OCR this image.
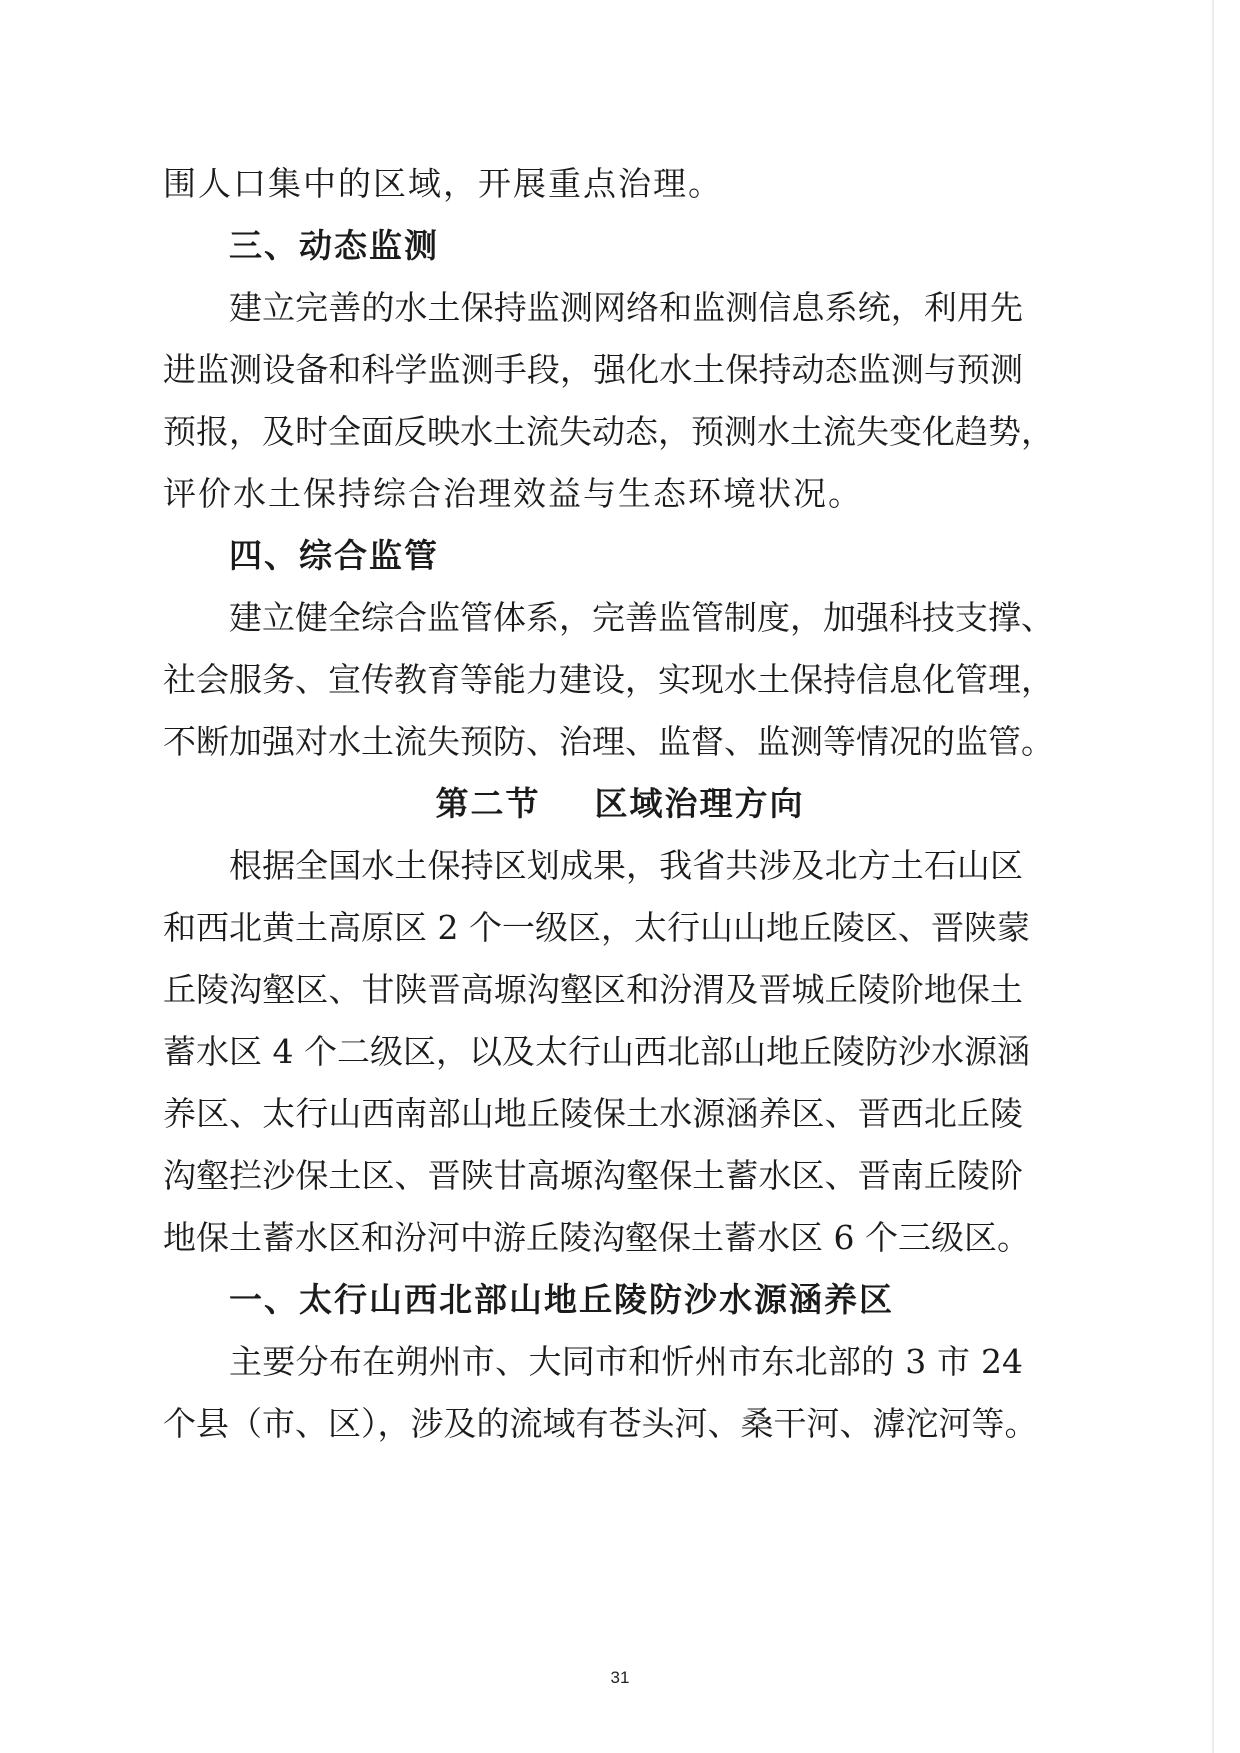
围人口集中的区域，开展重点治理。
三、动态监测
建立完善的水土保持监测网络和监测信息系统，利用先
进监测设备和科学监测手段，强化水土保持动态监测与预测
预报，及时全面反映水土流失动态，预测水土流失变化趋势，
评价水土保持综合治理效益与生态环境状况。
四、综合监管
建立健全综合监管体系，完善监管制度，加强科技支撑、
社会服务、宣传教育等能力建设，实现水土保持信息化管理，
不断加强对水土流失预防、治理、监督、监测等情况的监管。
第二节    区域治理方向
根据全国水土保持区划成果，我省共涉及北方土石山区
和西北黄土高原区 2 个一级区，太行山山地丘陵区、晋陕蒙
丘陵沟壑区、甘陕晋高塬沟壑区和汾渭及晋城丘陵阶地保土
蓄水区 4 个二级区，以及太行山西北部山地丘陵防沙水源涵
养区、太行山西南部山地丘陵保土水源涵养区、晋西北丘陵
沟壑拦沙保土区、晋陕甘高塬沟壑保土蓄水区、晋南丘陵阶
地保土蓄水区和汾河中游丘陵沟壑保土蓄水区 6 个三级区。
一、太行山西北部山地丘陵防沙水源涵养区
主要分布在朔州市、大同市和忻州市东北部的 3 市 24
个县（市、区），涉及的流域有苍头河、桑干河、滹沱河等。
31
